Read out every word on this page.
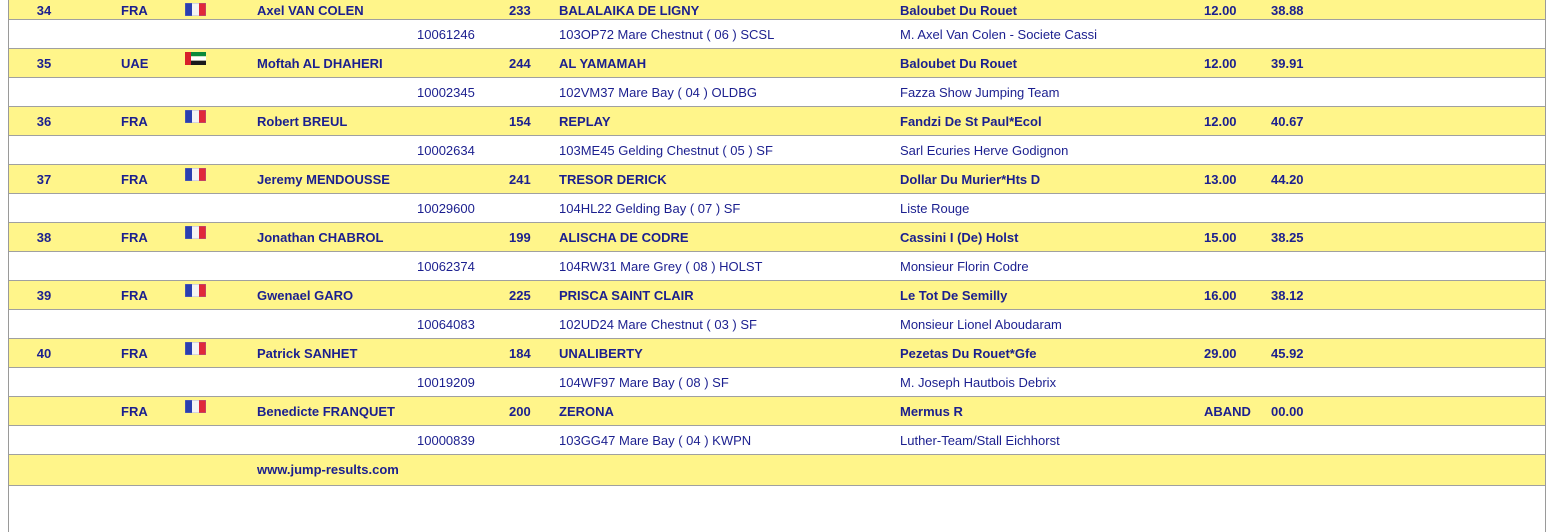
34	FRA	Axel VAN COLEN	233 BALALAIKA DE LIGNY	Baloubet Du Rouet	12.00	38.88
10061246	103OP72 Mare Chestnut ( 06 ) SCSL	M. Axel Van Colen - Societe Cassi
35	UAE	Moftah AL DHAHERI	244 AL YAMAMAH	Baloubet Du Rouet	12.00	39.91
10002345	102VM37 Mare Bay ( 04 ) OLDBG	Fazza Show Jumping Team
36	FRA	Robert BREUL	154 REPLAY	Fandzi De St Paul*Ecol	12.00	40.67
10002634	103ME45 Gelding Chestnut ( 05 ) SF	Sarl Ecuries Herve Godignon
37	FRA	Jeremy MENDOUSSE	241 TRESOR DERICK	Dollar Du Murier*Hts D	13.00	44.20
10029600	104HL22 Gelding Bay ( 07 ) SF	Liste Rouge
38	FRA	Jonathan CHABROL	199 ALISCHA DE CODRE	Cassini I (De) Holst	15.00	38.25
10062374	104RW31 Mare Grey ( 08 ) HOLST	Monsieur Florin Codre
39	FRA	Gwenael GARO	225 PRISCA SAINT CLAIR	Le Tot De Semilly	16.00	38.12
10064083	102UD24 Mare Chestnut ( 03 ) SF	Monsieur Lionel Aboudaram
40	FRA	Patrick SANHET	184 UNALIBERTY	Pezetas Du Rouet*Gfe	29.00	45.92
10019209	104WF97 Mare Bay ( 08 ) SF	M. Joseph Hautbois Debrix
FRA	Benedicte FRANQUET	200 ZERONA	Mermus R	ABAND 00.00
10000839	103GG47 Mare Bay ( 04 ) KWPN	Luther-Team/Stall Eichhorst
www.jump-results.com
